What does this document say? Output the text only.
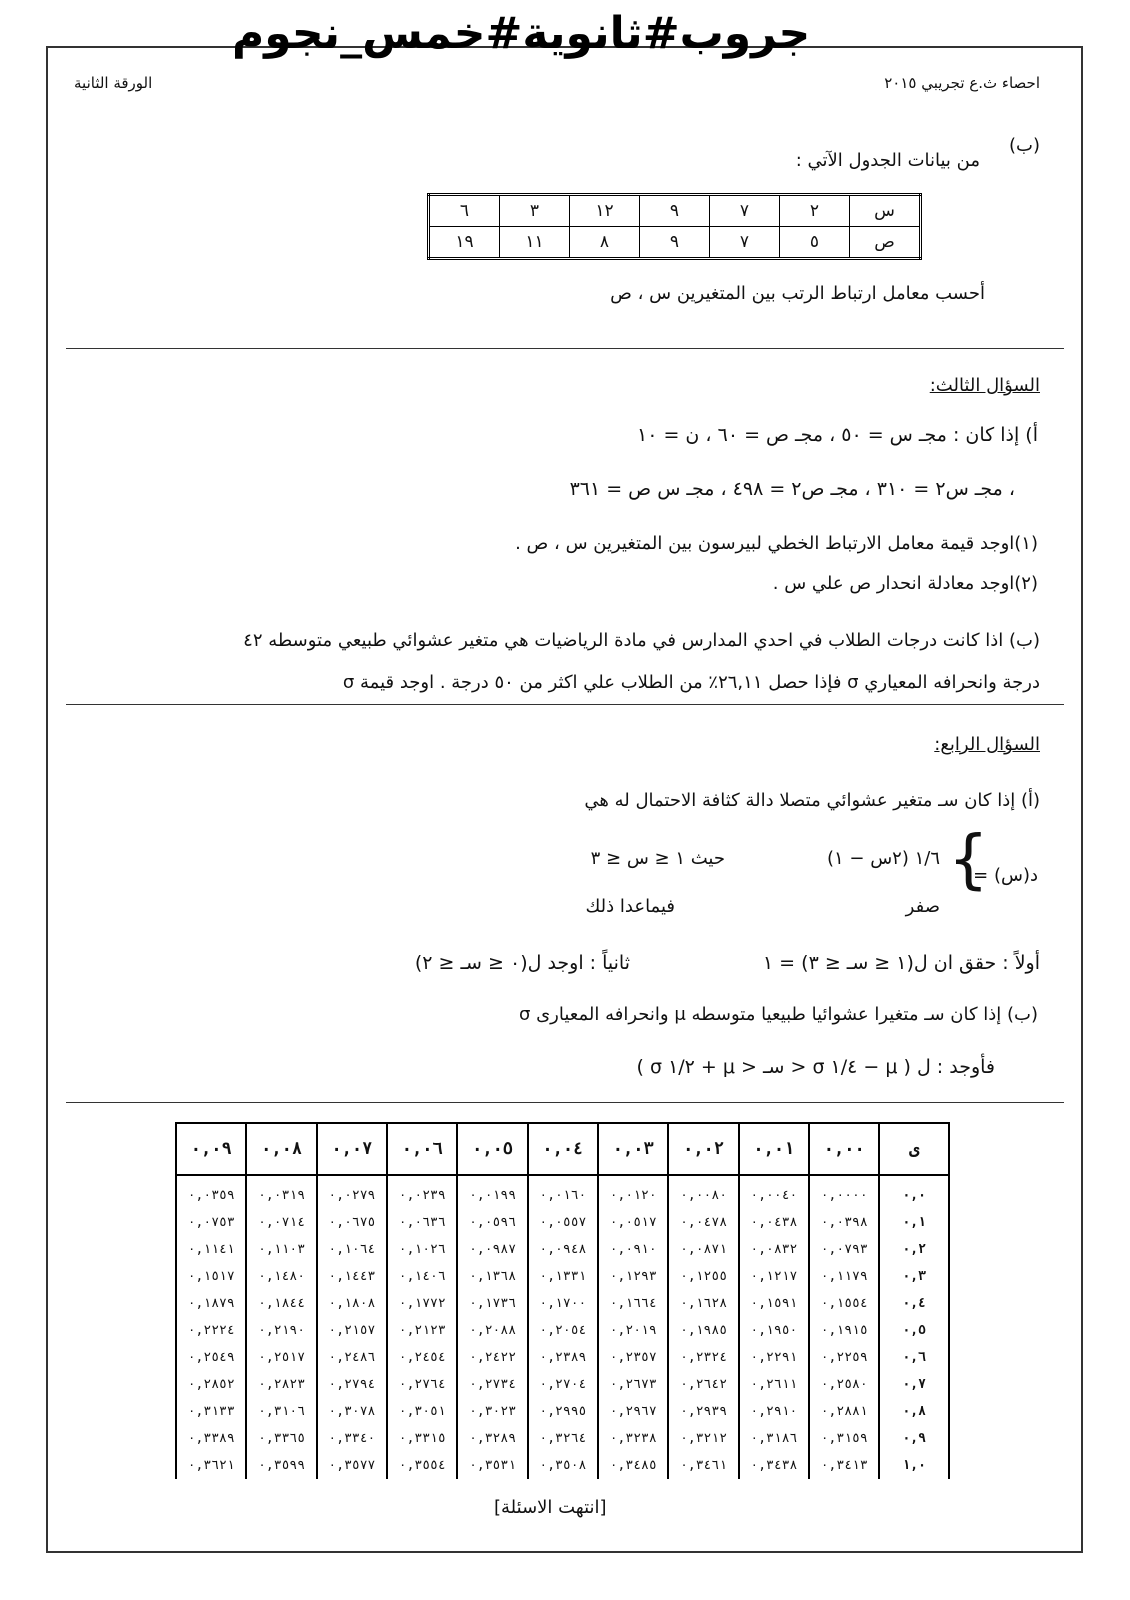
جروب#ثانوية#خمس_نجوم
الورقة الثانية	احصاء ث.ع تجريبي ٢٠١٥
(ب)
من بيانات الجدول الآتي :
س	٢	٧	٩	١٢	٣	٦
ص	٥	٧	٩	٨	١١	١٩
أحسب معامل ارتباط الرتب بين المتغيرين س ، ص
السؤال الثالث:
أ) إذا كان : مجـ س = ٥٠ ، مجـ ص = ٦٠ ، ن = ١٠
، مجـ س٢ = ٣١٠ ، مجـ ص٢ = ٤٩٨ ، مجـ س ص = ٣٦١
(١)اوجد قيمة معامل الارتباط الخطي لبيرسون بين المتغيرين س ، ص .
(٢)اوجد معادلة انحدار ص علي س .
(ب) اذا كانت درجات الطلاب في احدي المدارس في مادة الرياضيات هي متغير عشوائي طبيعي متوسطه ٤٢
درجة وانحرافه المعياري σ فإذا حصل ٢٦,١١٪ من الطلاب علي اكثر من ٥٠ درجة . اوجد قيمة σ
السؤال الرابع:
(أ) إذا كان سـ متغير عشوائي متصلا دالة كثافة الاحتمال له هي
د(س) =
{
١/٦ (٢س − ١)
حيث ١ ≤ س ≤ ٣
صفر
فيماعدا ذلك
أولاً : حقق ان ل(١ ≤ سـ ≤ ٣) = ١
ثانياً : اوجد ل(٠ ≤ سـ ≤ ٢)
(ب) إذا كان سـ متغيرا عشوائيا طبيعيا متوسطه μ وانحرافه المعيارى σ
فأوجد : ل ( μ − ١/٤ σ < سـ < μ + ١/٢ σ )
ى	٠,٠٠	٠,٠١	٠,٠٢	٠,٠٣	٠,٠٤	٠,٠٥	٠,٠٦	٠,٠٧	٠,٠٨	٠,٠٩
٠,٠	٠,٠٠٠٠	٠,٠٠٤٠	٠,٠٠٨٠	٠,٠١٢٠	٠,٠١٦٠	٠,٠١٩٩	٠,٠٢٣٩	٠,٠٢٧٩	٠,٠٣١٩	٠,٠٣٥٩
٠,١	٠,٠٣٩٨	٠,٠٤٣٨	٠,٠٤٧٨	٠,٠٥١٧	٠,٠٥٥٧	٠,٠٥٩٦	٠,٠٦٣٦	٠,٠٦٧٥	٠,٠٧١٤	٠,٠٧٥٣
٠,٢	٠,٠٧٩٣	٠,٠٨٣٢	٠,٠٨٧١	٠,٠٩١٠	٠,٠٩٤٨	٠,٠٩٨٧	٠,١٠٢٦	٠,١٠٦٤	٠,١١٠٣	٠,١١٤١
٠,٣	٠,١١٧٩	٠,١٢١٧	٠,١٢٥٥	٠,١٢٩٣	٠,١٣٣١	٠,١٣٦٨	٠,١٤٠٦	٠,١٤٤٣	٠,١٤٨٠	٠,١٥١٧
٠,٤	٠,١٥٥٤	٠,١٥٩١	٠,١٦٢٨	٠,١٦٦٤	٠,١٧٠٠	٠,١٧٣٦	٠,١٧٧٢	٠,١٨٠٨	٠,١٨٤٤	٠,١٨٧٩
٠,٥	٠,١٩١٥	٠,١٩٥٠	٠,١٩٨٥	٠,٢٠١٩	٠,٢٠٥٤	٠,٢٠٨٨	٠,٢١٢٣	٠,٢١٥٧	٠,٢١٩٠	٠,٢٢٢٤
٠,٦	٠,٢٢٥٩	٠,٢٢٩١	٠,٢٣٢٤	٠,٢٣٥٧	٠,٢٣٨٩	٠,٢٤٢٢	٠,٢٤٥٤	٠,٢٤٨٦	٠,٢٥١٧	٠,٢٥٤٩
٠,٧	٠,٢٥٨٠	٠,٢٦١١	٠,٢٦٤٢	٠,٢٦٧٣	٠,٢٧٠٤	٠,٢٧٣٤	٠,٢٧٦٤	٠,٢٧٩٤	٠,٢٨٢٣	٠,٢٨٥٢
٠,٨	٠,٢٨٨١	٠,٢٩١٠	٠,٢٩٣٩	٠,٢٩٦٧	٠,٢٩٩٥	٠,٣٠٢٣	٠,٣٠٥١	٠,٣٠٧٨	٠,٣١٠٦	٠,٣١٣٣
٠,٩	٠,٣١٥٩	٠,٣١٨٦	٠,٣٢١٢	٠,٣٢٣٨	٠,٣٢٦٤	٠,٣٢٨٩	٠,٣٣١٥	٠,٣٣٤٠	٠,٣٣٦٥	٠,٣٣٨٩
١,٠	٠,٣٤١٣	٠,٣٤٣٨	٠,٣٤٦١	٠,٣٤٨٥	٠,٣٥٠٨	٠,٣٥٣١	٠,٣٥٥٤	٠,٣٥٧٧	٠,٣٥٩٩	٠,٣٦٢١
[انتهت الاسئلة]
